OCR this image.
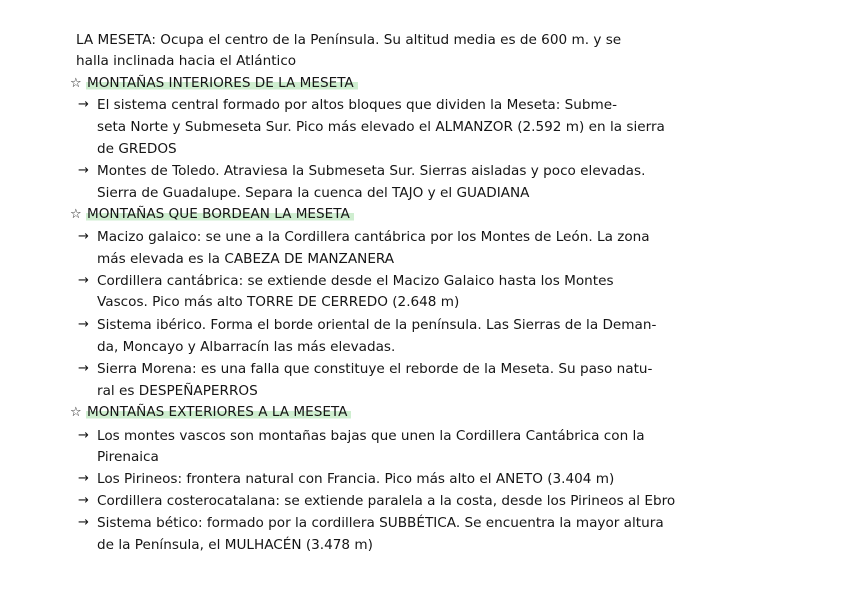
LA MESETA: Ocupa el centro de la Península. Su altitud media es de 600 m. y se
halla inclinada hacia el Atlántico
☆ MONTAÑAS INTERIORES DE LA MESETA
→ El sistema central formado por altos bloques que dividen la Meseta: Subme-
seta Norte y Submeseta Sur. Pico más elevado el ALMANZOR (2.592 m) en la sierra
de GREDOS
→ Montes de Toledo. Atraviesa la Submeseta Sur. Sierras aisladas y poco elevadas.
Sierra de Guadalupe. Separa la cuenca del TAJO y el GUADIANA
☆ MONTAÑAS QUE BORDEAN LA MESETA
→ Macizo galaico: se une a la Cordillera cantábrica por los Montes de León. La zona
más elevada es la CABEZA DE MANZANERA
→ Cordillera cantábrica: se extiende desde el Macizo Galaico hasta los Montes
Vascos. Pico más alto TORRE DE CERREDO (2.648 m)
→ Sistema ibérico. Forma el borde oriental de la península. Las Sierras de la Deman-
da, Moncayo y Albarracín las más elevadas.
→ Sierra Morena: es una falla que constituye el reborde de la Meseta. Su paso natu-
ral es DESPEÑAPERROS
☆ MONTAÑAS EXTERIORES A LA MESETA
→ Los montes vascos son montañas bajas que unen la Cordillera Cantábrica con la
Pirenaica
→ Los Pirineos: frontera natural con Francia. Pico más alto el ANETO (3.404 m)
→ Cordillera costerocatalana: se extiende paralela a la costa, desde los Pirineos al Ebro
→ Sistema bético: formado por la cordillera SUBBÉTICA. Se encuentra la mayor altura
de la Península, el MULHACÉN (3.478 m)
